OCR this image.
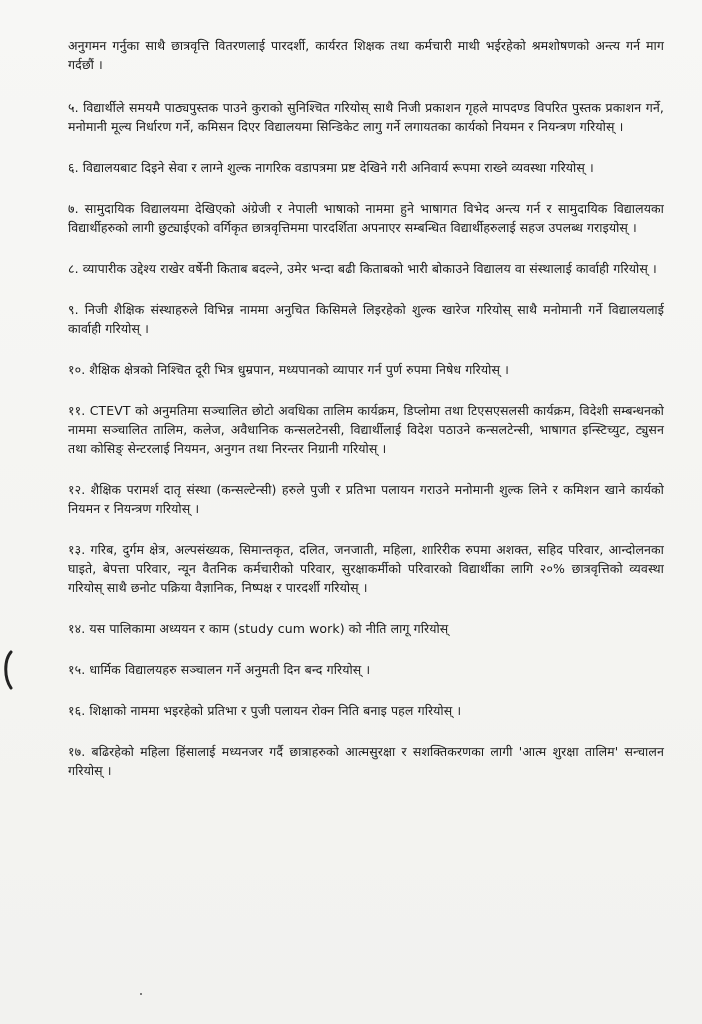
अनुगमन गर्नुका साथै छात्रवृत्ति वितरणलाई पारदर्शी, कार्यरत शिक्षक तथा कर्मचारी माथी भईरहेको श्रमशोषणको अन्त्य गर्न माग गर्दछौं ।

५. विद्यार्थीले समयमै पाठ्यपुस्तक पाउने कुराको सुनिश्चित गरियोस् साथै निजी प्रकाशन गृहले मापदण्ड विपरित पुस्तक प्रकाशन गर्ने, मनोमानी मूल्य निर्धारण गर्ने, कमिसन दिएर विद्यालयमा सिन्डिकेट लागु गर्ने लगायतका कार्यको नियमन र नियन्त्रण गरियोस् ।

६. विद्यालयबाट दिइने सेवा र लाग्ने शुल्क नागरिक वडापत्रमा प्रष्ट देखिने गरी अनिवार्य रूपमा राख्ने व्यवस्था गरियोस् ।

७. सामुदायिक विद्यालयमा देखिएको अंग्रेजी र नेपाली भाषाको नाममा हुने भाषागत विभेद अन्त्य गर्न र सामुदायिक विद्यालयका विद्यार्थीहरुको लागी छुट्याईएको वर्गिकृत छात्रवृत्तिममा पारदर्शिता अपनाएर सम्बन्धित विद्यार्थीहरुलाई सहज उपलब्ध गराइयोस् ।

८. व्यापारीक उद्देश्य राखेर वर्षेनी किताब बदल्ने, उमेर भन्दा बढी किताबको भारी बोकाउने विद्यालय वा संस्थालाई कार्वाही गरियोस् ।

९. निजी शैक्षिक संस्थाहरुले विभिन्न नाममा अनुचित किसिमले लिइरहेको शुल्क खारेज गरियोस् साथै मनोमानी गर्ने विद्यालयलाई कार्वाही गरियोस् ।

१०. शैक्षिक क्षेत्रको निश्चित दूरी भित्र धुम्रपान, मध्यपानको व्यापार गर्न पुर्ण रुपमा निषेध गरियोस् ।

११. CTEVT को अनुमतिमा सञ्चालित छोटो अवधिका तालिम कार्यक्रम, डिप्लोमा तथा टिएसएसलसी कार्यक्रम, विदेशी सम्बन्धनको नाममा सञ्चालित तालिम, कलेज, अवैधानिक कन्सलटेनसी, विद्यार्थीलाई विदेश पठाउने कन्सलटेन्सी, भाषागत इन्स्टिच्युट, ट्युसन तथा कोसिङ् सेन्टरलाई नियमन, अनुगन तथा निरन्तर निग्रानी गरियोस् ।

१२. शैक्षिक परामर्श दातृ संस्था (कन्सल्टेन्सी) हरुले पुजी र प्रतिभा पलायन गराउने मनोमानी शुल्क लिने र कमिशन खाने कार्यको नियमन र नियन्त्रण गरियोस् ।

१३. गरिब, दुर्गम क्षेत्र, अल्पसंख्यक, सिमान्तकृत, दलित, जनजाती, महिला, शारिरीक रुपमा अशक्त, सहिद परिवार, आन्दोलनका घाइते, बेपत्ता परिवार, न्यून वैतनिक कर्मचारीको परिवार, सुरक्षाकर्मीको परिवारको विद्यार्थीका लागि २०% छात्रवृत्तिको व्यवस्था गरियोस् साथै छनोट पक्रिया वैज्ञानिक, निष्पक्ष र पारदर्शी गरियोस् ।

१४. यस पालिकामा अध्ययन र काम (study cum work) को नीति लागू गरियोस्

१५. धार्मिक विद्यालयहरु सञ्चालन गर्ने अनुमती दिन बन्द गरियोस् ।

१६. शिक्षाको नाममा भइरहेको प्रतिभा र पुजी पलायन रोक्न निति बनाइ पहल गरियोस् ।

१७. बढिरहेको महिला हिंसालाई मध्यनजर गर्दै छात्राहरुको आत्मसुरक्षा र सशक्तिकरणका लागी 'आत्म शुरक्षा तालिम' सन्चालन गरियोस् ।
